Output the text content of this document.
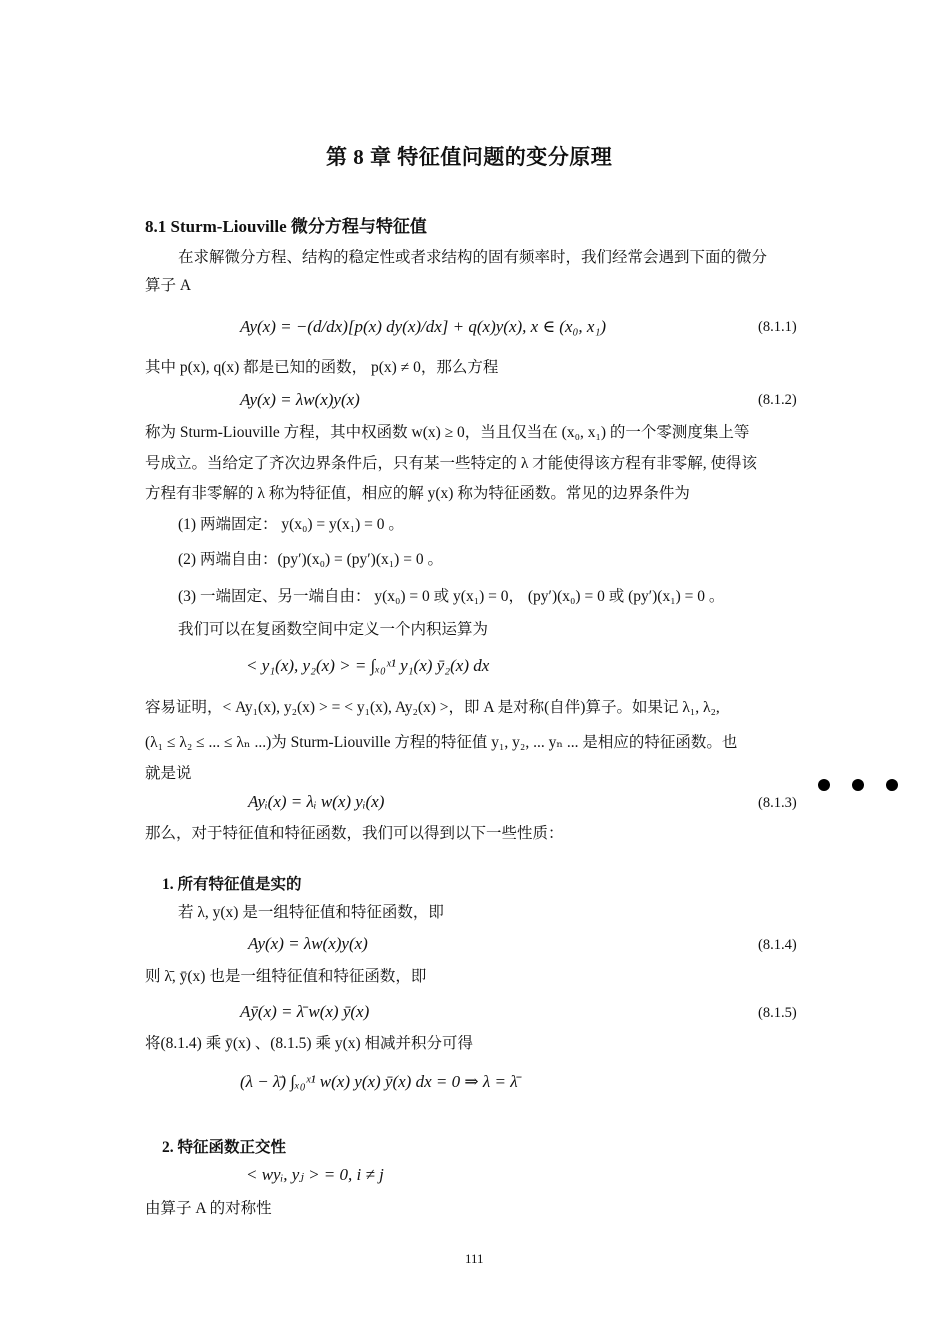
第 8 章 特征值问题的变分原理
8.1 Sturm-Liouville 微分方程与特征值
在求解微分方程、结构的稳定性或者求结构的固有频率时，我们经常会遇到下面的微分
算子 A
Ay(x) = −(d/dx)[p(x) dy(x)/dx] + q(x)y(x), x ∈ (x₀, x₁)	(8.1.1)
其中 p(x), q(x) 都是已知的函数， p(x) ≠ 0，那么方程
Ay(x) = λw(x)y(x)	(8.1.2)
称为 Sturm-Liouville 方程，其中权函数 w(x) ≥ 0，当且仅当在 (x₀, x₁) 的一个零测度集上等
号成立。当给定了齐次边界条件后，只有某一些特定的 λ 才能使得该方程有非零解, 使得该
方程有非零解的 λ 称为特征值，相应的解 y(x) 称为特征函数。常见的边界条件为
(1) 两端固定： y(x₀) = y(x₁) = 0 。
(2) 两端自由：(py′)(x₀) = (py′)(x₁) = 0 。
(3) 一端固定、另一端自由： y(x₀) = 0 或 y(x₁) = 0， (py′)(x₀) = 0 或 (py′)(x₁) = 0 。
我们可以在复函数空间中定义一个内积运算为
< y₁(x), y₂(x) > = ∫ₓ₀ˣ¹ y₁(x) ȳ₂(x) dx
容易证明，< Ay₁(x), y₂(x) > = < y₁(x), Ay₂(x) >，即 A 是对称(自伴)算子。如果记 λ₁, λ₂,
(λ₁ ≤ λ₂ ≤ ... ≤ λₙ ...)为 Sturm-Liouville 方程的特征值 y₁, y₂, ... yₙ ... 是相应的特征函数。也
就是说
Ayᵢ(x) = λᵢ w(x) yᵢ(x)	(8.1.3)
那么，对于特征值和特征函数，我们可以得到以下一些性质：
1. 所有特征值是实的
若 λ, y(x) 是一组特征值和特征函数，即
Ay(x) = λw(x)y(x)	(8.1.4)
则 λ̄, ȳ(x) 也是一组特征值和特征函数，即
Aȳ(x) = λ̄ w(x) ȳ(x)	(8.1.5)
将(8.1.4) 乘 ȳ(x) 、(8.1.5) 乘 y(x) 相减并积分可得
(λ − λ̄) ∫ₓ₀ˣ¹ w(x) y(x) ȳ(x) dx = 0 ⇒ λ = λ̄
2. 特征函数正交性
< wyᵢ, yⱼ > = 0, i ≠ j
由算子 A 的对称性
111
